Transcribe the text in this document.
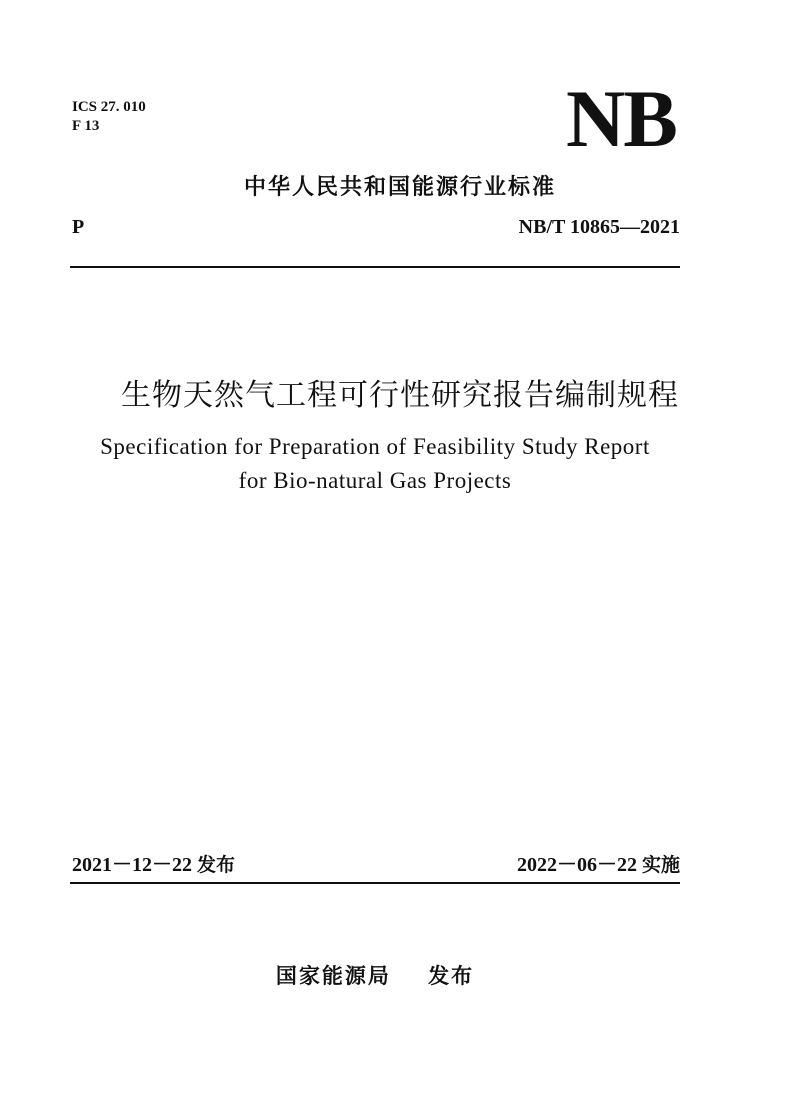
ICS 27. 010
F 13	NB
中华人民共和国能源行业标准
P	NB/T 10865—2021
生物天然气工程可行性研究报告编制规程
Specification for Preparation of Feasibility Study Report
for Bio-natural Gas Projects
2021－12－22 发布	2022－06－22 实施
国家能源局 发布
